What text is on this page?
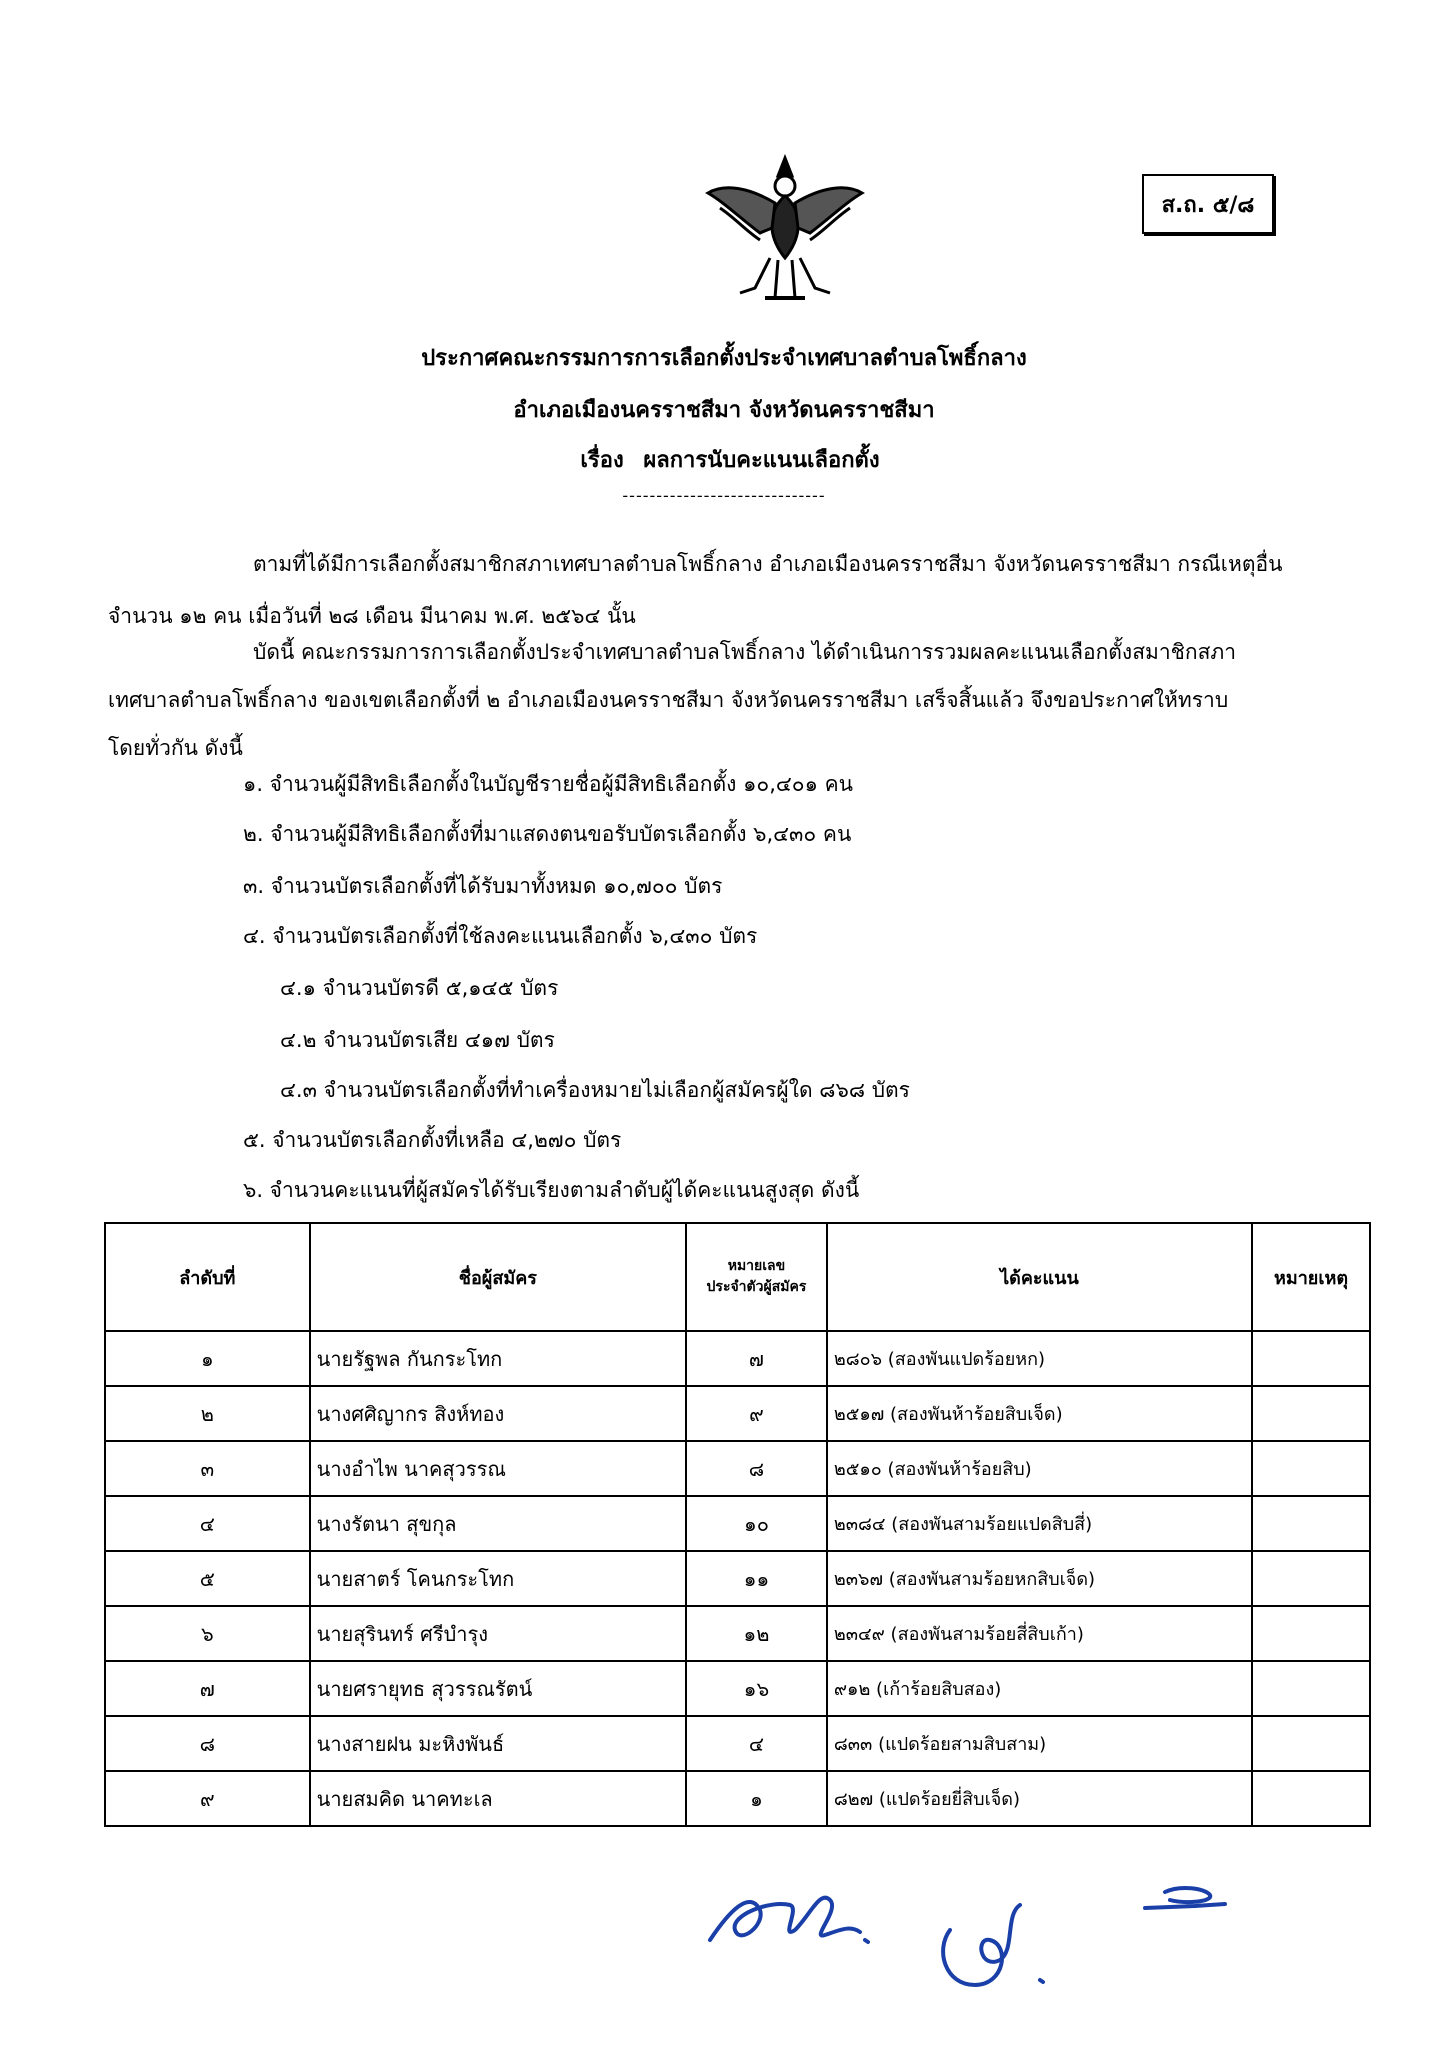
ส.ถ. ๕/๘
ประกาศคณะกรรมการการเลือกตั้งประจำเทศบาลตำบลโพธิ์กลาง
อำเภอเมืองนครราชสีมา จังหวัดนครราชสีมา
เรื่อง ผลการนับคะแนนเลือกตั้ง
------------------------------
ตามที่ได้มีการเลือกตั้งสมาชิกสภาเทศบาลตำบลโพธิ์กลาง อำเภอเมืองนครราชสีมา จังหวัดนครราชสีมา กรณีเหตุอื่น
จำนวน ๑๒ คน เมื่อวันที่ ๒๘ เดือน มีนาคม พ.ศ. ๒๕๖๔ นั้น
บัดนี้ คณะกรรมการการเลือกตั้งประจำเทศบาลตำบลโพธิ์กลาง ได้ดำเนินการรวมผลคะแนนเลือกตั้งสมาชิกสภา
เทศบาลตำบลโพธิ์กลาง ของเขตเลือกตั้งที่ ๒ อำเภอเมืองนครราชสีมา จังหวัดนครราชสีมา เสร็จสิ้นแล้ว จึงขอประกาศให้ทราบ
โดยทั่วกัน ดังนี้
๑. จำนวนผู้มีสิทธิเลือกตั้งในบัญชีรายชื่อผู้มีสิทธิเลือกตั้ง ๑๐,๔๐๑ คน
๒. จำนวนผู้มีสิทธิเลือกตั้งที่มาแสดงตนขอรับบัตรเลือกตั้ง ๖,๔๓๐ คน
๓. จำนวนบัตรเลือกตั้งที่ได้รับมาทั้งหมด ๑๐,๗๐๐ บัตร
๔. จำนวนบัตรเลือกตั้งที่ใช้ลงคะแนนเลือกตั้ง ๖,๔๓๐ บัตร
๔.๑ จำนวนบัตรดี ๕,๑๔๕ บัตร
๔.๒ จำนวนบัตรเสีย ๔๑๗ บัตร
๔.๓ จำนวนบัตรเลือกตั้งที่ทำเครื่องหมายไม่เลือกผู้สมัครผู้ใด ๘๖๘ บัตร
๕. จำนวนบัตรเลือกตั้งที่เหลือ ๔,๒๗๐ บัตร
๖. จำนวนคะแนนที่ผู้สมัครได้รับเรียงตามลำดับผู้ได้คะแนนสูงสุด ดังนี้
ลำดับที่	ชื่อผู้สมัคร	หมายเลข
ประจำตัวผู้สมัคร	ได้คะแนน	หมายเหตุ
๑	นายรัฐพล กันกระโทก	๗	๒๘๐๖ (สองพันแปดร้อยหก)	
๒	นางศศิญากร สิงห์ทอง	๙	๒๕๑๗ (สองพันห้าร้อยสิบเจ็ด)	
๓	นางอำไพ นาคสุวรรณ	๘	๒๕๑๐ (สองพันห้าร้อยสิบ)	
๔	นางรัตนา สุขกุล	๑๐	๒๓๘๔ (สองพันสามร้อยแปดสิบสี่)	
๕	นายสาตร์ โคนกระโทก	๑๑	๒๓๖๗ (สองพันสามร้อยหกสิบเจ็ด)	
๖	นายสุรินทร์ ศรีบำรุง	๑๒	๒๓๔๙ (สองพันสามร้อยสี่สิบเก้า)	
๗	นายศรายุทธ สุวรรณรัตน์	๑๖	๙๑๒ (เก้าร้อยสิบสอง)	
๘	นางสายฝน มะหิงพันธ์	๔	๘๓๓ (แปดร้อยสามสิบสาม)	
๙	นายสมคิด นาคทะเล	๑	๘๒๗ (แปดร้อยยี่สิบเจ็ด)	
